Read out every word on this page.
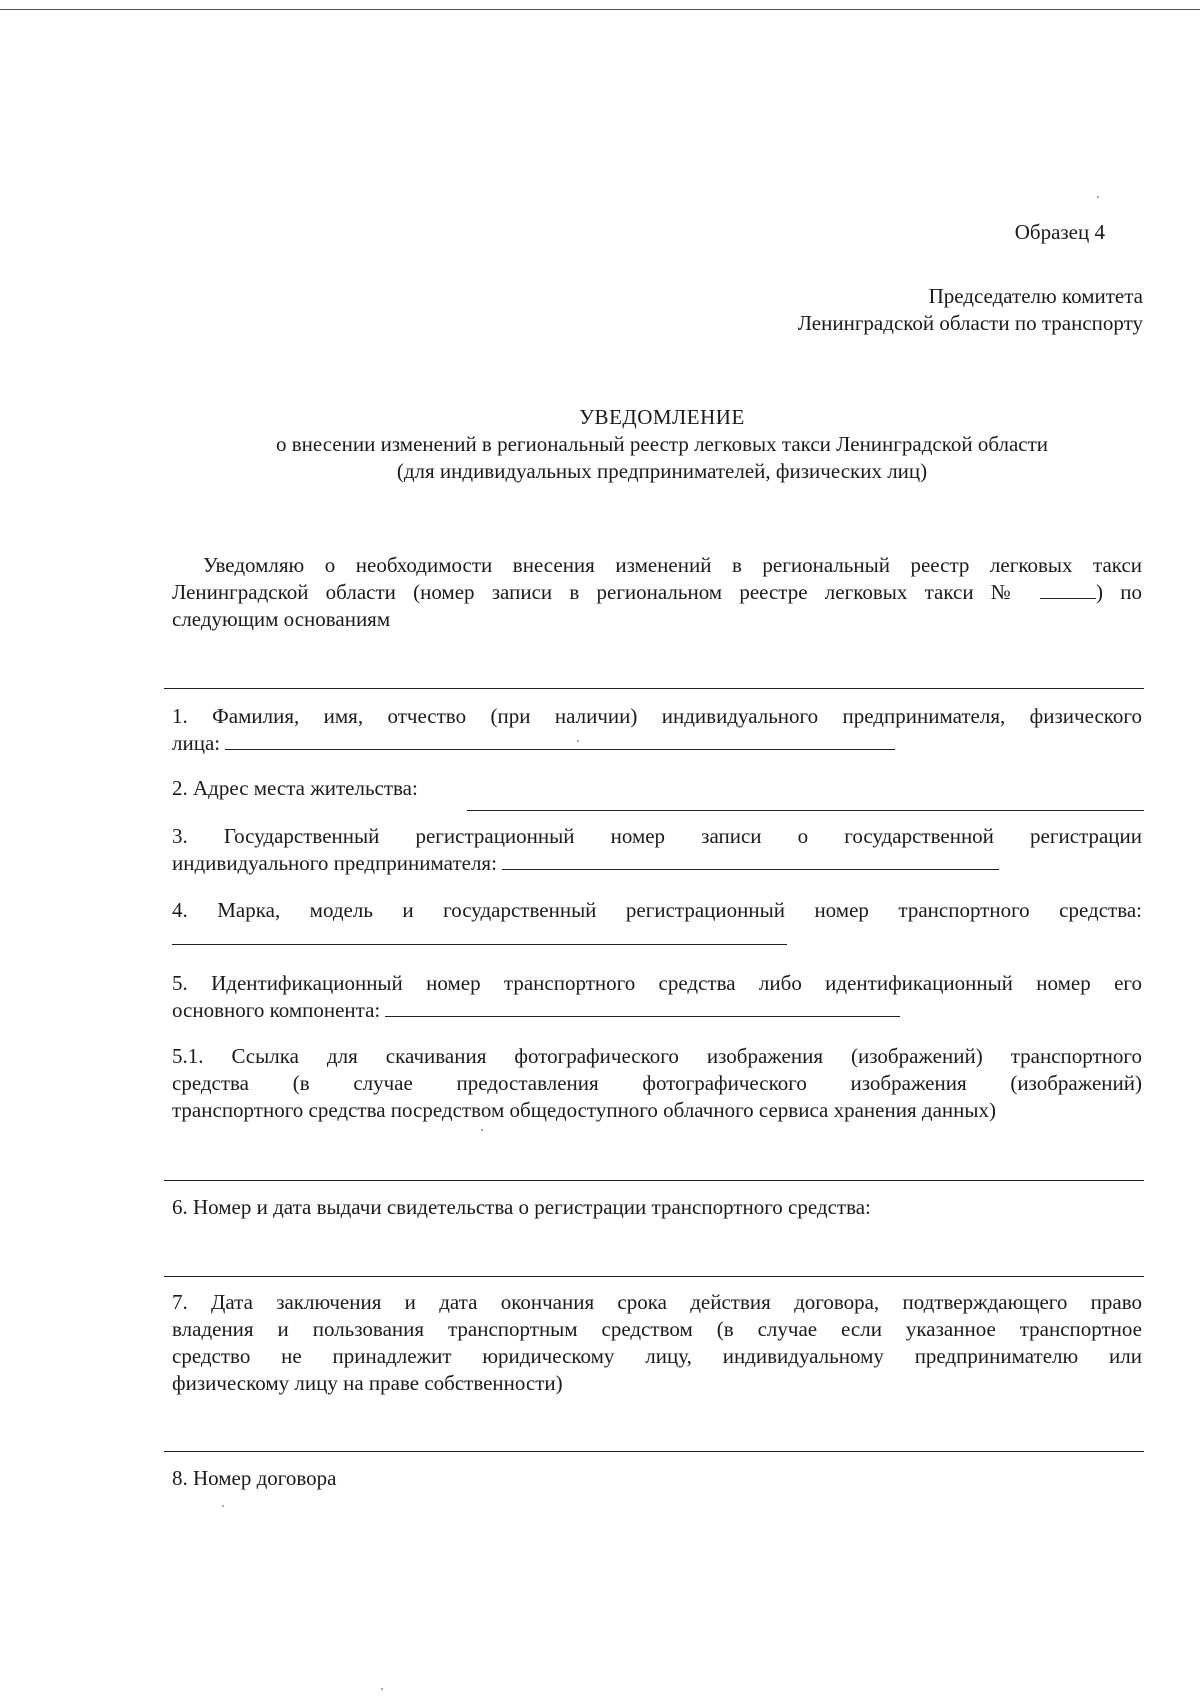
Образец 4
Председателю комитета
Ленинградской области по транспорту
УВЕДОМЛЕНИЕ
о внесении изменений в региональный реестр легковых такси Ленинградской области
(для индивидуальных предпринимателей, физических лиц)
Уведомляю о необходимости внесения изменений в региональный реестр легковых такси
Ленинградской области (номер записи в региональном реестре легковых такси №	) по
следующим основаниям
1. Фамилия, имя, отчество (при наличии) индивидуального предпринимателя, физического
лица:
2. Адрес места жительства:
3. Государственный регистрационный номер записи о государственной регистрации
индивидуального предпринимателя:
4. Марка, модель и государственный регистрационный номер транспортного средства:
5. Идентификационный номер транспортного средства либо идентификационный номер его
основного компонента:
5.1. Ссылка для скачивания фотографического изображения (изображений) транспортного
средства (в случае предоставления фотографического изображения (изображений)
транспортного средства посредством общедоступного облачного сервиса хранения данных)
6. Номер и дата выдачи свидетельства о регистрации транспортного средства:
7. Дата заключения и дата окончания срока действия договора, подтверждающего право
владения и пользования транспортным средством (в случае если указанное транспортное
средство не принадлежит юридическому лицу, индивидуальному предпринимателю или
физическому лицу на праве собственности)
8. Номер договора
